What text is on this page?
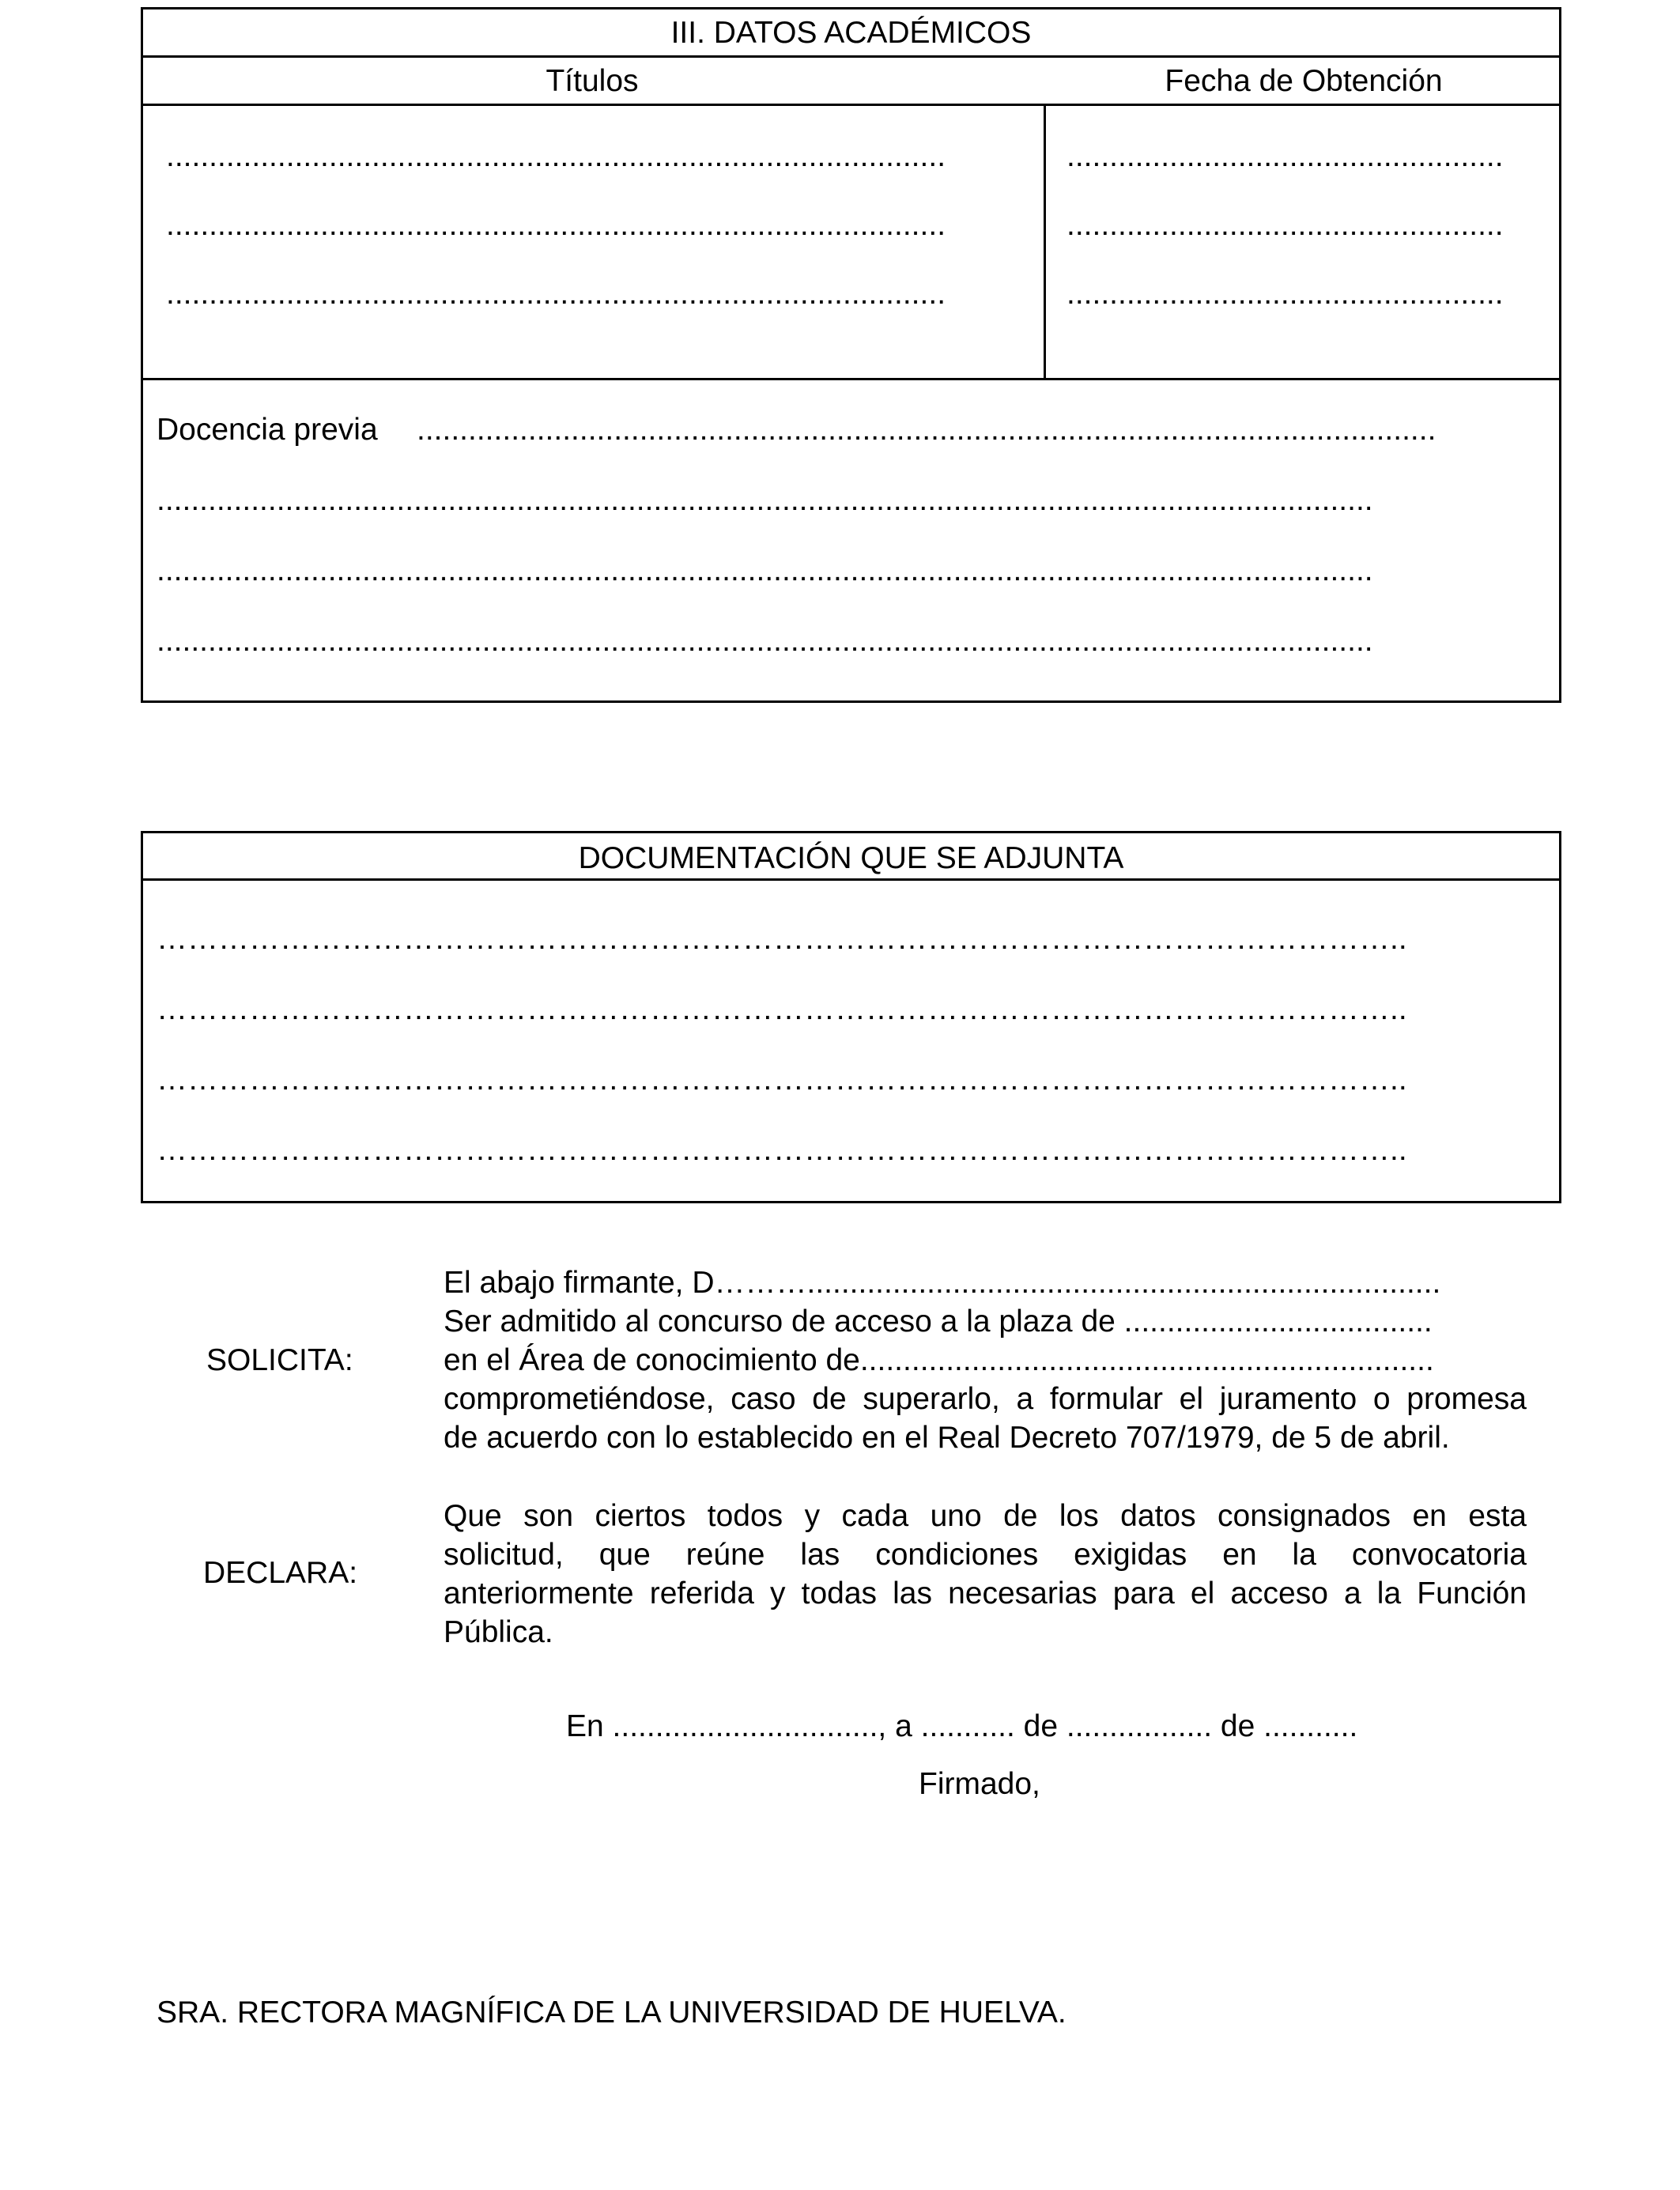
III. DATOS ACADÉMICOS
Títulos	Fecha de Obtención
...........................................................................................
...........................................................................................
...........................................................................................
...................................................
...................................................
...................................................
Docencia previa .......................................................................................................................
..............................................................................................................................................
..............................................................................................................................................
..............................................................................................................................................
DOCUMENTACIÓN QUE SE ADJUNTA
…………………………………………………………………………………………………………..
…………………………………………………………………………………………………………..
…………………………………………………………………………………………………………..
…………………………………………………………………………………………………………..
SOLICITA:
El abajo firmante, D………..........................................................................
Ser admitido al concurso de acceso a la plaza de ....................................
en el Área de conocimiento de...................................................................
comprometiéndose, caso de superarlo, a formular el juramento o promesa
de acuerdo con lo establecido en el Real Decreto 707/1979, de 5 de abril.
DECLARA:
Que son ciertos todos y cada uno de los datos consignados en esta
solicitud, que reúne las condiciones exigidas en la convocatoria
anteriormente referida y todas las necesarias para el acceso a la Función
Pública.
En ..............................., a ........... de ................. de ...........
Firmado,
SRA. RECTORA MAGNÍFICA DE LA UNIVERSIDAD DE HUELVA.
